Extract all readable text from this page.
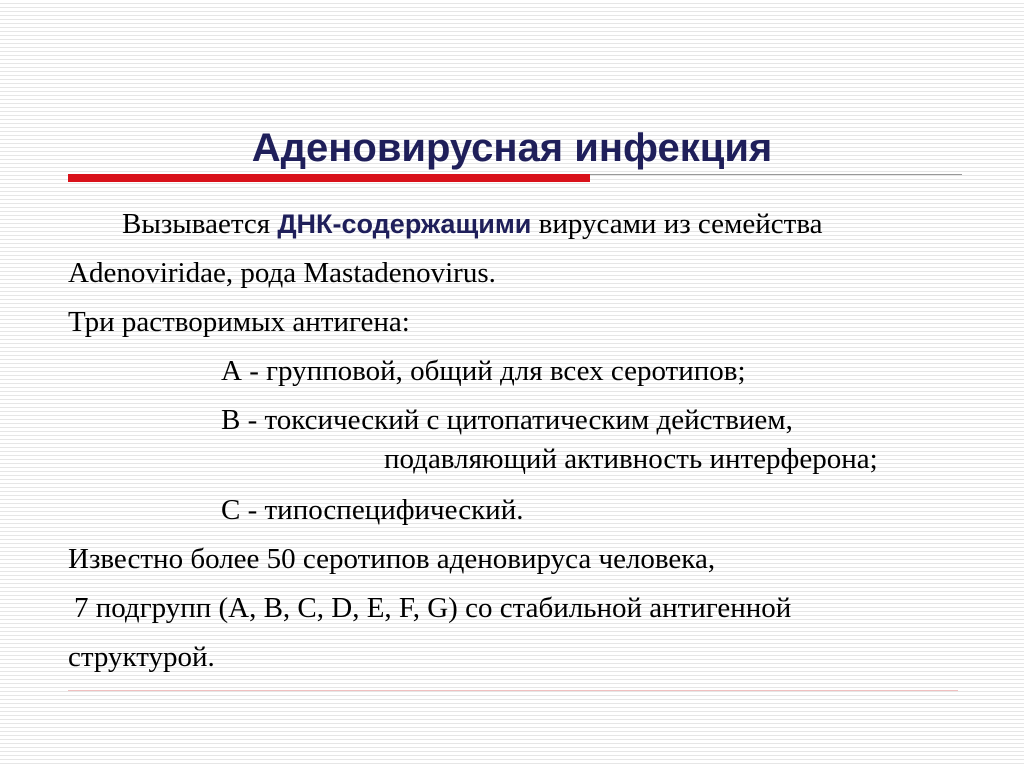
Аденовирусная инфекция
Вызывается ДНК-содержащими вирусами из семейства
Adenoviridae, рода Mastadenovirus.
Три растворимых антигена:
А - групповой, общий для всех серотипов;
В - токсический с цитопатическим действием,
подавляющий активность интерферона;
С - типоспецифический.
Известно более 50 серотипов аденовируса человека,
7 подгрупп (A, B, C, D, E, F, G) со стабильной антигенной
структурой.
